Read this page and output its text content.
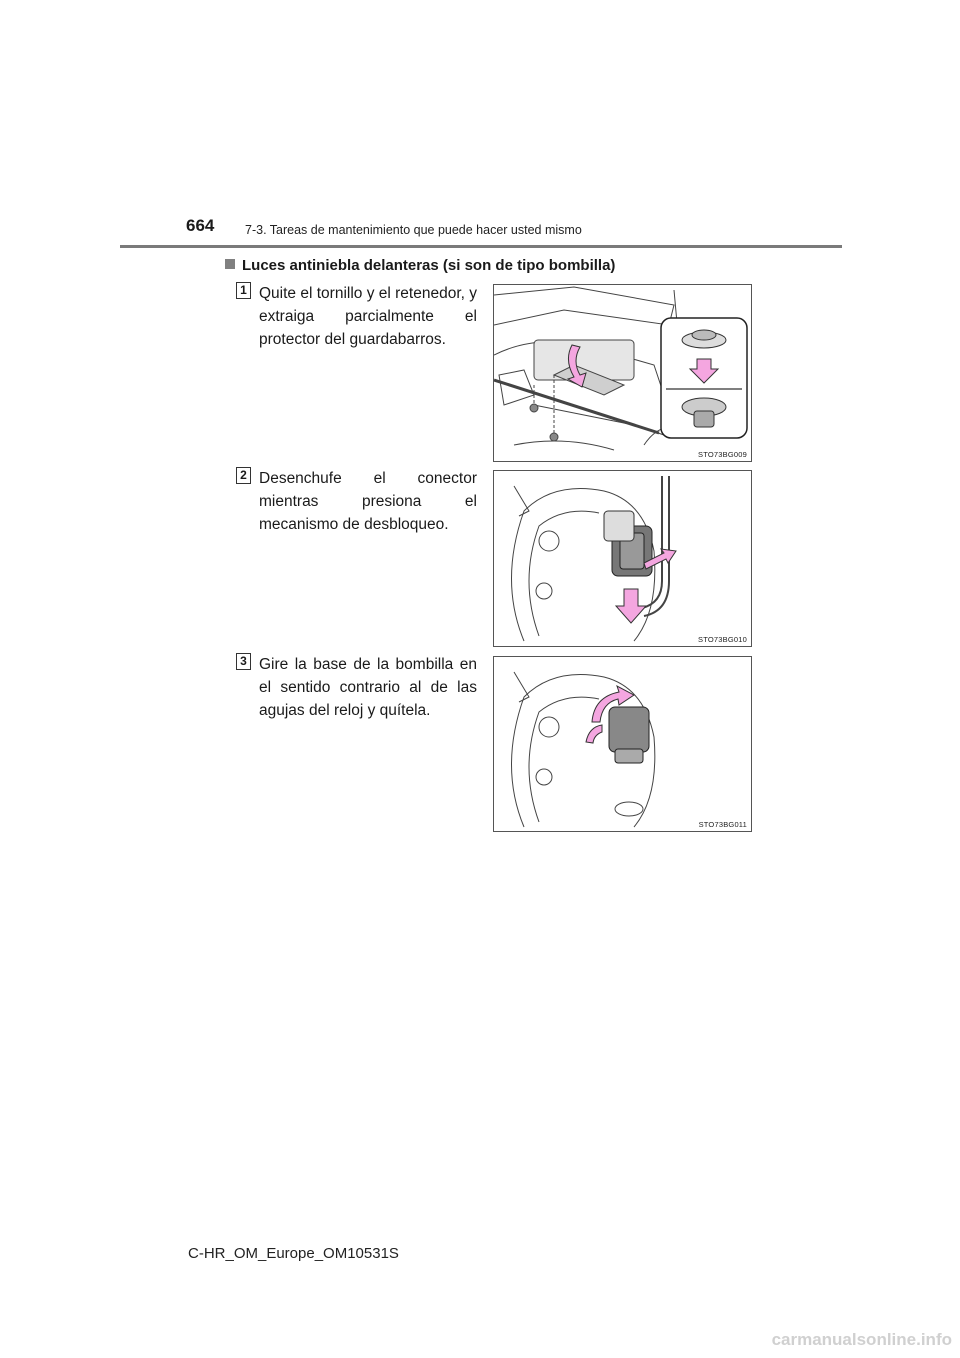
664 7-3. Tareas de mantenimiento que puede hacer usted mismo
Luces antiniebla delanteras (si son de tipo bombilla)
1 Quite el tornillo y el retenedor, y extraiga parcialmente el protector del guardabarros.
STO73BG009
2 Desenchufe el conector mientras presiona el mecanismo de desbloqueo.
STO73BG010
3 Gire la base de la bombilla en el sentido contrario al de las agujas del reloj y quítela.
STO73BG011
C-HR_OM_Europe_OM10531S
carmanualsonline.info
